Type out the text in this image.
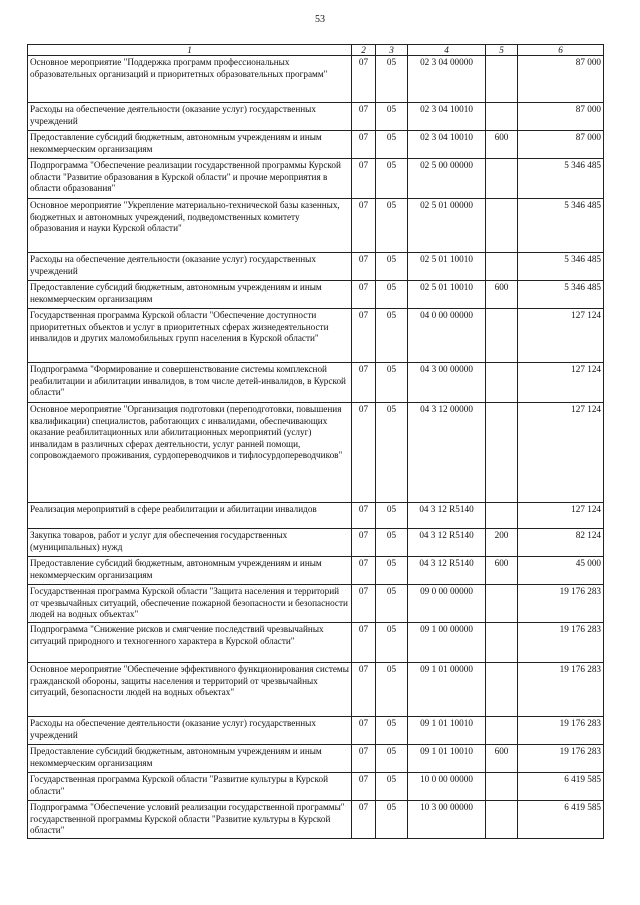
53
1	2	3	4	5	6
Основное мероприятие "Поддержка программ профессиональных образовательных организаций и приоритетных образовательных программ"	07	05	02 3 04 00000		87 000
Расходы на обеспечение деятельности (оказание услуг) государственных учреждений	07	05	02 3 04 10010		87 000
Предоставление субсидий бюджетным, автономным учреждениям и иным некоммерческим организациям	07	05	02 3 04 10010	600	87 000
Подпрограмма "Обеспечение реализации государственной программы Курской области "Развитие образования в Курской области" и прочие мероприятия в области образования"	07	05	02 5 00 00000		5 346 485
Основное мероприятие "Укрепление материально-технической базы казенных, бюджетных и автономных учреждений, подведомственных комитету образования и науки Курской области"	07	05	02 5 01 00000		5 346 485
Расходы на обеспечение деятельности (оказание услуг) государственных учреждений	07	05	02 5 01 10010		5 346 485
Предоставление субсидий бюджетным, автономным учреждениям и иным некоммерческим организациям	07	05	02 5 01 10010	600	5 346 485
Государственная программа Курской области "Обеспечение доступности приоритетных объектов и услуг в приоритетных сферах жизнедеятельности инвалидов и других маломобильных групп населения в Курской области"	07	05	04 0 00 00000		127 124
Подпрограмма "Формирование и совершенствование системы комплексной реабилитации и абилитации инвалидов, в том числе детей-инвалидов, в Курской области"	07	05	04 3 00 00000		127 124
Основное мероприятие "Организация подготовки (переподготовки, повышения квалификации) специалистов, работающих с инвалидами, обеспечивающих оказание реабилитационных или абилитационных мероприятий (услуг) инвалидам в различных сферах деятельности, услуг ранней помощи, сопровождаемого проживания, сурдопереводчиков и тифлосурдопереводчиков"	07	05	04 3 12 00000		127 124
Реализация мероприятий в сфере реабилитации и абилитации инвалидов	07	05	04 3 12 R5140		127 124
Закупка товаров, работ и услуг для обеспечения государственных (муниципальных) нужд	07	05	04 3 12 R5140	200	82 124
Предоставление субсидий бюджетным, автономным учреждениям и иным некоммерческим организациям	07	05	04 3 12 R5140	600	45 000
Государственная программа Курской области "Защита населения и территорий от чрезвычайных ситуаций, обеспечение пожарной безопасности и безопасности людей на водных объектах"	07	05	09 0 00 00000		19 176 283
Подпрограмма "Снижение рисков и смягчение последствий чрезвычайных ситуаций природного и техногенного характера в Курской области"	07	05	09 1 00 00000		19 176 283
Основное мероприятие "Обеспечение эффективного функционирования системы гражданской обороны, защиты населения и территорий от чрезвычайных ситуаций, безопасности людей на водных объектах"	07	05	09 1 01 00000		19 176 283
Расходы на обеспечение деятельности (оказание услуг) государственных учреждений	07	05	09 1 01 10010		19 176 283
Предоставление субсидий бюджетным, автономным учреждениям и иным некоммерческим организациям	07	05	09 1 01 10010	600	19 176 283
Государственная программа Курской области "Развитие культуры в Курской области"	07	05	10 0 00 00000		6 419 585
Подпрограмма "Обеспечение условий реализации государственной программы" государственной программы Курской области "Развитие культуры в Курской области"	07	05	10 3 00 00000		6 419 585
